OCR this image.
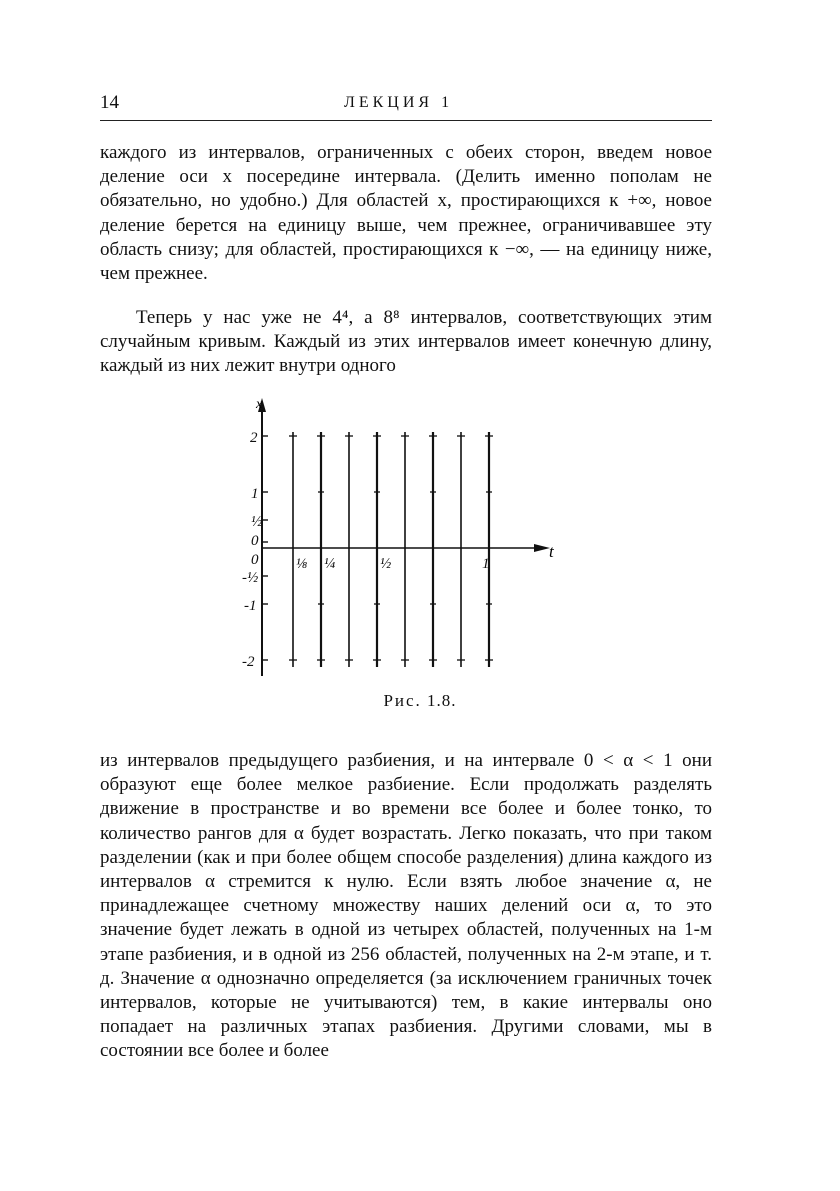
14	ЛЕКЦИЯ 1

каждого из интервалов, ограниченных с обеих сторон, введем новое деление оси x посередине интервала. (Делить именно пополам не обязательно, но удобно.) Для областей x, простирающихся к +∞, новое деление берется на единицу выше, чем прежнее, ограничивавшее эту область снизу; для областей, простирающихся к −∞, — на единицу ниже, чем прежнее.

Теперь у нас уже не 4⁴, а 8⁸ интервалов, соответствующих этим случайным кривым. Каждый из этих интервалов имеет конечную длину, каждый из них лежит внутри одного

x
t
2
1
½
0
0
-½
-1
-2
⅛ ¼	½	1
Рис. 1.8.

из интервалов предыдущего разбиения, и на интервале 0 < α < 1 они образуют еще более мелкое разбиение. Если продолжать разделять движение в пространстве и во времени все более и более тонко, то количество рангов для α будет возрастать. Легко показать, что при таком разделении (как и при более общем способе разделения) длина каждого из интервалов α стремится к нулю. Если взять любое значение α, не принадлежащее счетному множеству наших делений оси α, то это значение будет лежать в одной из четырех областей, полученных на 1-м этапе разбиения, и в одной из 256 областей, полученных на 2-м этапе, и т. д. Значение α однозначно определяется (за исключением граничных точек интервалов, которые не учитываются) тем, в какие интервалы оно попадает на различных этапах разбиения. Другими словами, мы в состоянии все более и более
